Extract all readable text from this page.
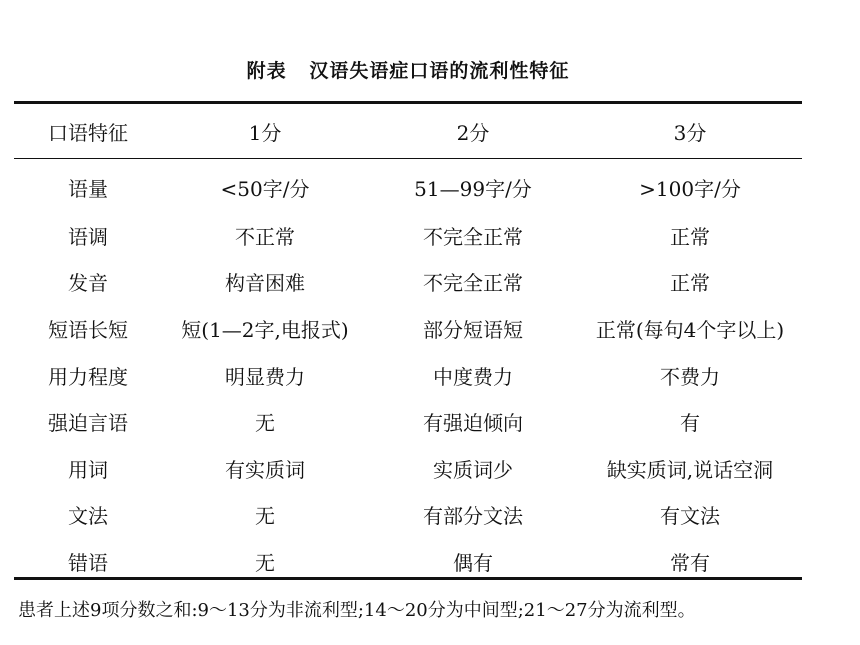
附表   汉语失语症口语的流利性特征
口语特征	1分	2分	3分
语量	<50字/分	51—99字/分	>100字/分
语调	不正常	不完全正常	正常
发音	构音困难	不完全正常	正常
短语长短	短(1—2字,电报式)	部分短语短	正常(每句4个字以上)
用力程度	明显费力	中度费力	不费力
强迫言语	无	有强迫倾向	有
用词	有实质词	实质词少	缺实质词,说话空洞
文法	无	有部分文法	有文法
错语	无	偶有	常有
患者上述9项分数之和:9～13分为非流利型;14～20分为中间型;21～27分为流利型。
